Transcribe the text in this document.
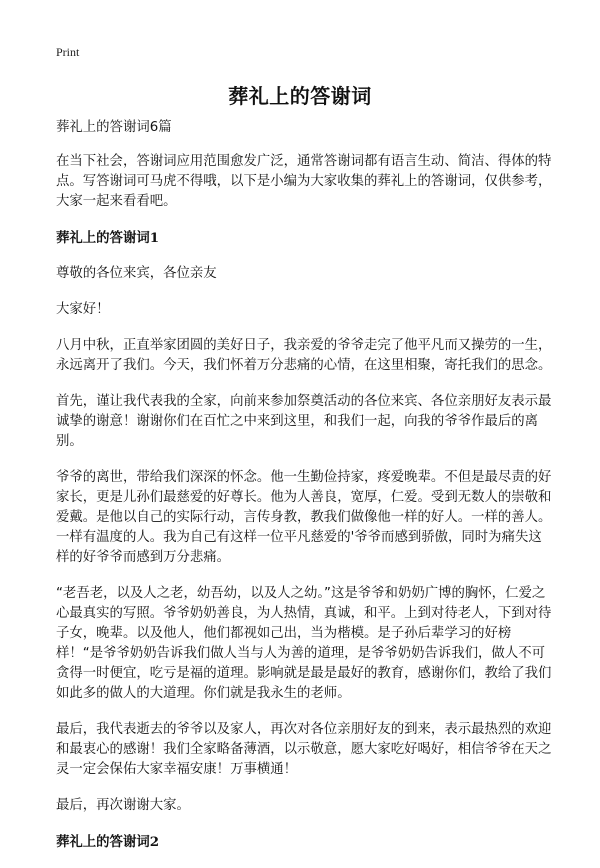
Print
葬礼上的答谢词

葬礼上的答谢词6篇

在当下社会，答谢词应用范围愈发广泛，通常答谢词都有语言生动、简洁、得体的特点。写答谢词可马虎不得哦，以下是小编为大家收集的葬礼上的答谢词，仅供参考，大家一起来看看吧。

葬礼上的答谢词1

尊敬的各位来宾，各位亲友

大家好！

八月中秋，正直举家团圆的美好日子，我亲爱的爷爷走完了他平凡而又操劳的一生，永远离开了我们。今天，我们怀着万分悲痛的心情，在这里相聚，寄托我们的思念。

首先，谨让我代表我的全家，向前来参加祭奠活动的各位来宾、各位亲朋好友表示最诚挚的谢意！谢谢你们在百忙之中来到这里，和我们一起，向我的爷爷作最后的离别。

爷爷的离世，带给我们深深的怀念。他一生勤俭持家，疼爱晚辈。不但是最尽责的好家长，更是儿孙们最慈爱的好尊长。他为人善良，宽厚，仁爱。受到无数人的崇敬和爱戴。是他以自己的实际行动，言传身教，教我们做像他一样的好人。一样的善人。一样有温度的人。我为自己有这样一位平凡慈爱的'爷爷而感到骄傲，同时为痛失这样的好爷爷而感到万分悲痛。

“老吾老，以及人之老，幼吾幼，以及人之幼。”这是爷爷和奶奶广博的胸怀，仁爱之心最真实的写照。爷爷奶奶善良，为人热情，真诚，和平。上到对待老人，下到对待子女，晚辈。以及他人，他们都视如己出，当为楷模。是子孙后辈学习的好榜样！“是爷爷奶奶告诉我们做人当与人为善的道理，是爷爷奶奶告诉我们，做人不可贪得一时便宜，吃亏是福的道理。影响就是最是最好的教育，感谢你们，教给了我们如此多的做人的大道理。你们就是我永生的老师。

最后，我代表逝去的爷爷以及家人，再次对各位亲朋好友的到来，表示最热烈的欢迎和最衷心的感谢！我们全家略备薄酒，以示敬意，愿大家吃好喝好，相信爷爷在天之灵一定会保佑大家幸福安康！万事横通！

最后，再次谢谢大家。

葬礼上的答谢词2
